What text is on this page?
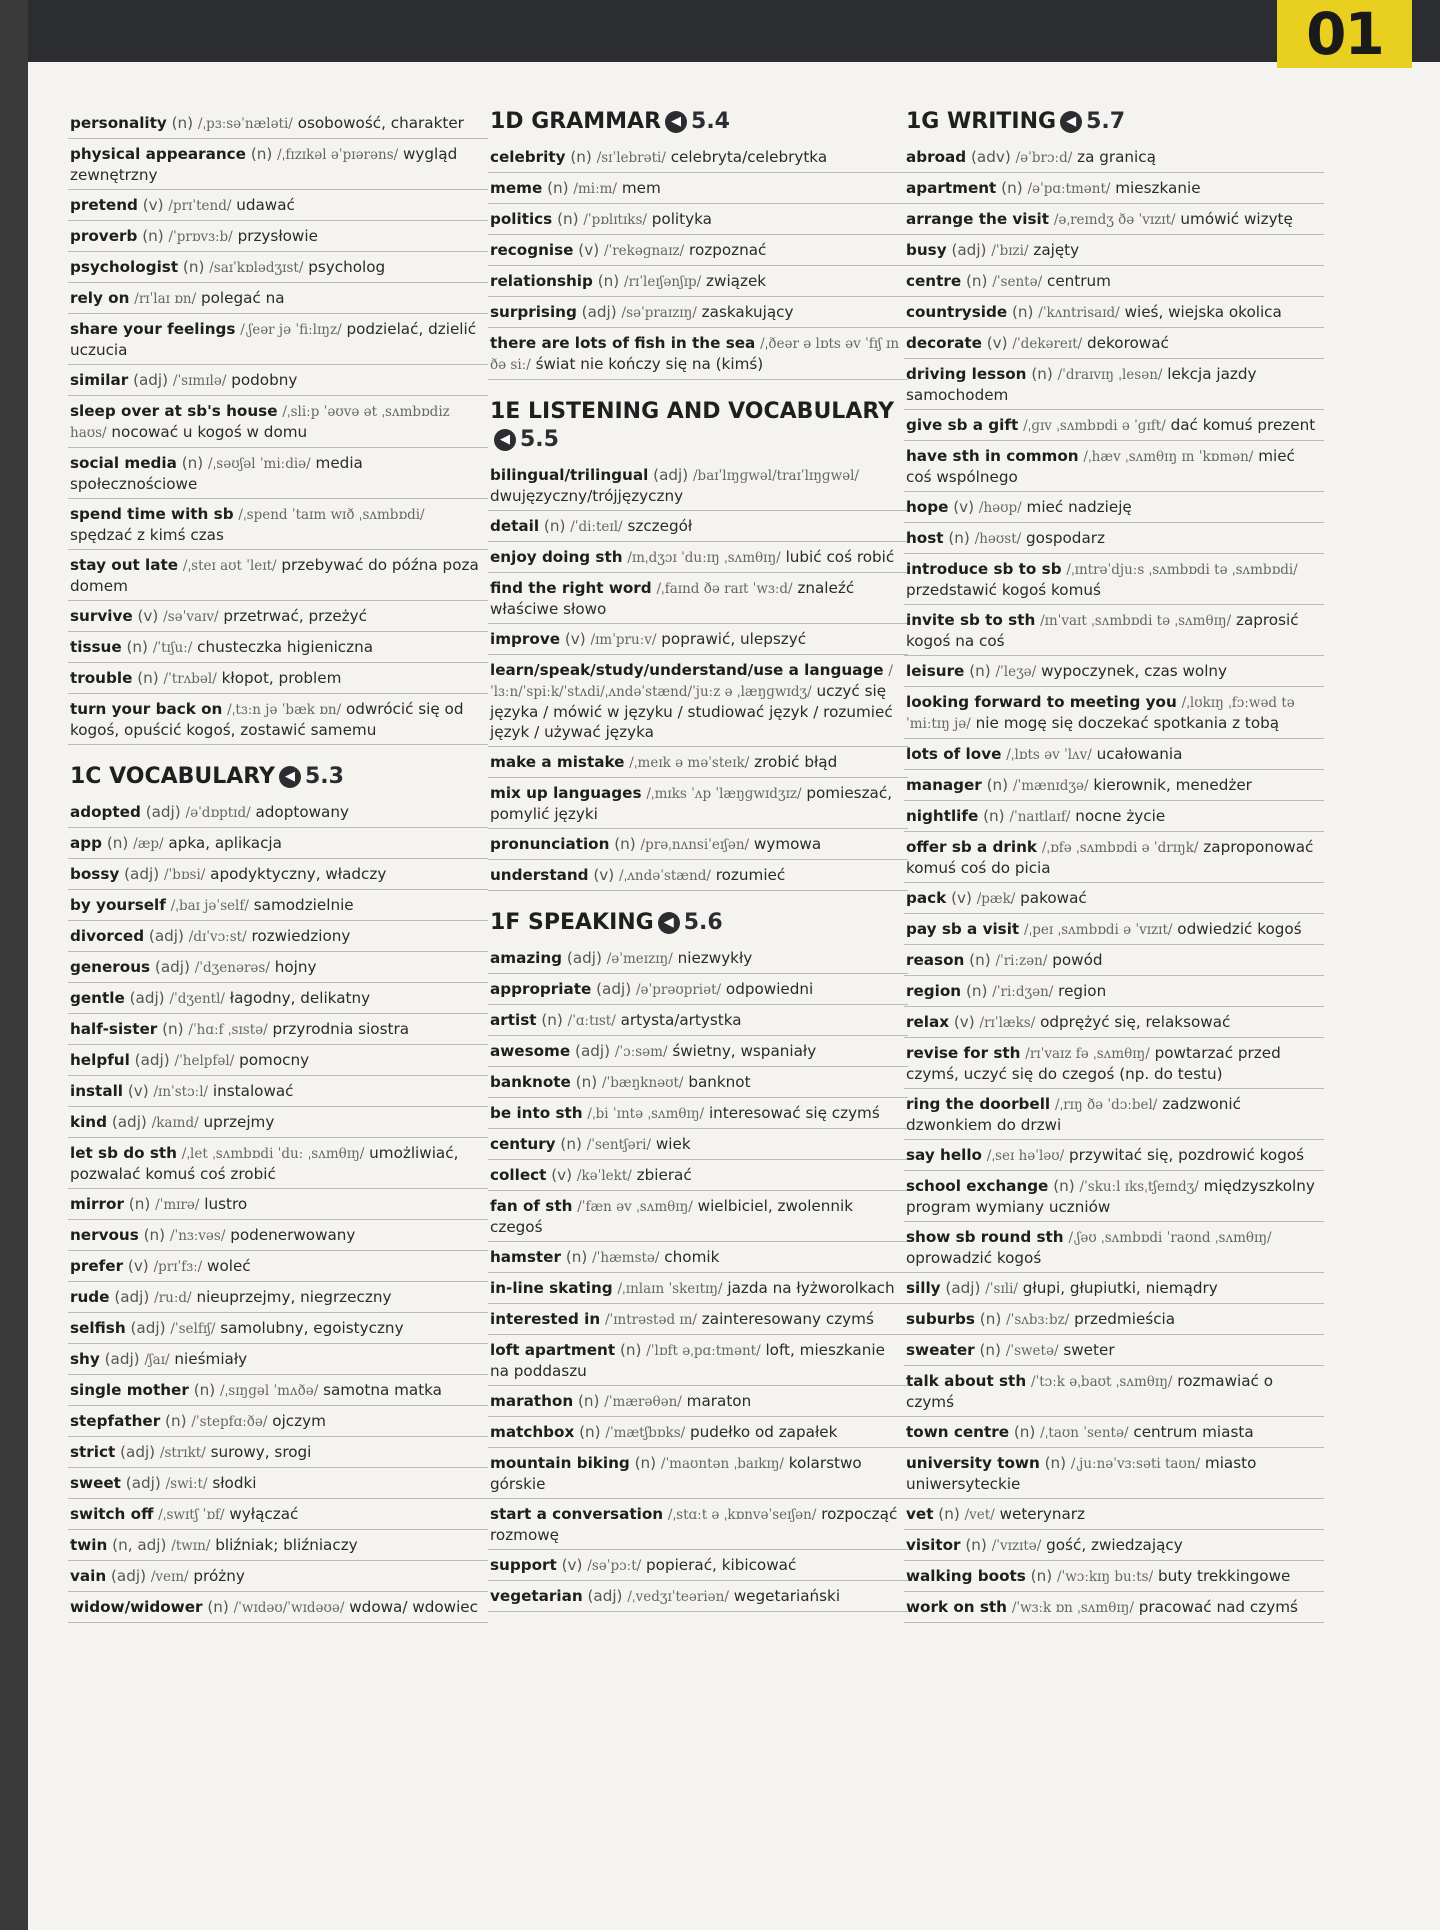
01
personality (n) /ˌpɜːsəˈnæləti/ osobowość, charakter
physical appearance (n) /ˌfɪzɪkəl əˈpɪərəns/ wygląd zewnętrzny
pretend (v) /prɪˈtend/ udawać
proverb (n) /ˈprɒvɜːb/ przysłowie
psychologist (n) /saɪˈkɒlədʒɪst/ psycholog
rely on /rɪˈlaɪ ɒn/ polegać na
share your feelings /ˌʃeər jə ˈfiːlɪŋz/ podzielać, dzielić uczucia
similar (adj) /ˈsɪmɪlə/ podobny
sleep over at sb's house /ˌsliːp ˈəʊvə ət ˌsʌmbɒdiz haʊs/ nocować u kogoś w domu
social media (n) /ˌsəʊʃəl ˈmiːdiə/ media społecznościowe
spend time with sb /ˌspend ˈtaɪm wɪð ˌsʌmbɒdi/ spędzać z kimś czas
stay out late /ˌsteɪ aʊt ˈleɪt/ przebywać do późna poza domem
survive (v) /səˈvaɪv/ przetrwać, przeżyć
tissue (n) /ˈtɪʃuː/ chusteczka higieniczna
trouble (n) /ˈtrʌbəl/ kłopot, problem
turn your back on /ˌtɜːn jə ˈbæk ɒn/ odwrócić się od kogoś, opuścić kogoś, zostawić samemu
1C VOCABULARY ◀ 5.3
adopted (adj) /əˈdɒptɪd/ adoptowany
app (n) /æp/ apka, aplikacja
bossy (adj) /ˈbɒsi/ apodyktyczny, władczy
by yourself /ˌbaɪ jəˈself/ samodzielnie
divorced (adj) /dɪˈvɔːst/ rozwiedziony
generous (adj) /ˈdʒenərəs/ hojny
gentle (adj) /ˈdʒentl/ łagodny, delikatny
half-sister (n) /ˈhɑːf ˌsɪstə/ przyrodnia siostra
helpful (adj) /ˈhelpfəl/ pomocny
install (v) /ɪnˈstɔːl/ instalować
kind (adj) /kaɪnd/ uprzejmy
let sb do sth /ˌlet ˌsʌmbɒdi ˈduː ˌsʌmθɪŋ/ umożliwiać, pozwalać komuś coś zrobić
mirror (n) /ˈmɪrə/ lustro
nervous (n) /ˈnɜːvəs/ podenerwowany
prefer (v) /prɪˈfɜː/ woleć
rude (adj) /ruːd/ nieuprzejmy, niegrzeczny
selfish (adj) /ˈselfɪʃ/ samolubny, egoistyczny
shy (adj) /ʃaɪ/ nieśmiały
single mother (n) /ˌsɪŋɡəl ˈmʌðə/ samotna matka
stepfather (n) /ˈstepfɑːðə/ ojczym
strict (adj) /strɪkt/ surowy, srogi
sweet (adj) /swiːt/ słodki
switch off /ˌswɪtʃ ˈɒf/ wyłączać
twin (n, adj) /twɪn/ bliźniak; bliźniaczy
vain (adj) /veɪn/ próżny
widow/widower (n) /ˈwɪdəʊ/ˈwɪdəʊə/ wdowa/ wdowiec
1D GRAMMAR ◀ 5.4
celebrity (n) /sɪˈlebrəti/ celebryta/celebrytka
meme (n) /miːm/ mem
politics (n) /ˈpɒlɪtɪks/ polityka
recognise (v) /ˈrekəɡnaɪz/ rozpoznać
relationship (n) /rɪˈleɪʃənʃɪp/ związek
surprising (adj) /səˈpraɪzɪŋ/ zaskakujący
there are lots of fish in the sea /ˌðeər ə lɒts əv ˈfɪʃ ɪn ðə siː/ świat nie kończy się na (kimś)
1E LISTENING AND VOCABULARY◀ 5.5
bilingual/trilingual (adj) /baɪˈlɪŋɡwəl/traɪˈlɪŋɡwəl/ dwujęzyczny/trójjęzyczny
detail (n) /ˈdiːteɪl/ szczegół
enjoy doing sth /ɪnˌdʒɔɪ ˈduːɪŋ ˌsʌmθɪŋ/ lubić coś robić
find the right word /ˌfaɪnd ðə raɪt ˈwɜːd/ znaleźć właściwe słowo
improve (v) /ɪmˈpruːv/ poprawić, ulepszyć
learn/speak/study/understand/use a language /ˈlɜːn/ˈspiːk/ˈstʌdi/ˌʌndəˈstænd/ˈjuːz ə ˌlæŋɡwɪdʒ/ uczyć się języka / mówić w języku / studiować język / rozumieć język / używać języka
make a mistake /ˌmeɪk ə məˈsteɪk/ zrobić błąd
mix up languages /ˌmɪks ˈʌp ˈlæŋɡwɪdʒɪz/ pomieszać, pomylić języki
pronunciation (n) /prəˌnʌnsiˈeɪʃən/ wymowa
understand (v) /ˌʌndəˈstænd/ rozumieć
1F SPEAKING ◀ 5.6
amazing (adj) /əˈmeɪzɪŋ/ niezwykły
appropriate (adj) /əˈprəʊpriət/ odpowiedni
artist (n) /ˈɑːtɪst/ artysta/artystka
awesome (adj) /ˈɔːsəm/ świetny, wspaniały
banknote (n) /ˈbæŋknəʊt/ banknot
be into sth /ˌbi ˈɪntə ˌsʌmθɪŋ/ interesować się czymś
century (n) /ˈsentʃəri/ wiek
collect (v) /kəˈlekt/ zbierać
fan of sth /ˈfæn əv ˌsʌmθɪŋ/ wielbiciel, zwolennik czegoś
hamster (n) /ˈhæmstə/ chomik
in-line skating /ˌɪnlaɪn ˈskeɪtɪŋ/ jazda na łyżworolkach
interested in /ˈɪntrəstəd ɪn/ zainteresowany czymś
loft apartment (n) /ˈlɒft əˌpɑːtmənt/ loft, mieszkanie na poddaszu
marathon (n) /ˈmærəθən/ maraton
matchbox (n) /ˈmætʃbɒks/ pudełko od zapałek
mountain biking (n) /ˈmaʊntən ˌbaɪkɪŋ/ kolarstwo górskie
start a conversation /ˌstɑːt ə ˌkɒnvəˈseɪʃən/ rozpocząć rozmowę
support (v) /səˈpɔːt/ popierać, kibicować
vegetarian (adj) /ˌvedʒɪˈteəriən/ wegetariański
1G WRITING ◀ 5.7
abroad (adv) /əˈbrɔːd/ za granicą
apartment (n) /əˈpɑːtmənt/ mieszkanie
arrange the visit /əˌreɪndʒ ðə ˈvɪzɪt/ umówić wizytę
busy (adj) /ˈbɪzi/ zajęty
centre (n) /ˈsentə/ centrum
countryside (n) /ˈkʌntrisaɪd/ wieś, wiejska okolica
decorate (v) /ˈdekəreɪt/ dekorować
driving lesson (n) /ˈdraɪvɪŋ ˌlesən/ lekcja jazdy samochodem
give sb a gift /ˌɡɪv ˌsʌmbɒdi ə ˈɡɪft/ dać komuś prezent
have sth in common /ˌhæv ˌsʌmθɪŋ ɪn ˈkɒmən/ mieć coś wspólnego
hope (v) /həʊp/ mieć nadzieję
host (n) /həʊst/ gospodarz
introduce sb to sb /ˌɪntrəˈdjuːs ˌsʌmbɒdi tə ˌsʌmbɒdi/ przedstawić kogoś komuś
invite sb to sth /ɪnˈvaɪt ˌsʌmbɒdi tə ˌsʌmθɪŋ/ zaprosić kogoś na coś
leisure (n) /ˈleʒə/ wypoczynek, czas wolny
looking forward to meeting you /ˌlʊkɪŋ ˌfɔːwəd tə ˈmiːtɪŋ jə/ nie mogę się doczekać spotkania z tobą
lots of love /ˌlɒts əv ˈlʌv/ ucałowania
manager (n) /ˈmænɪdʒə/ kierownik, menedżer
nightlife (n) /ˈnaɪtlaɪf/ nocne życie
offer sb a drink /ˌɒfə ˌsʌmbɒdi ə ˈdrɪŋk/ zaproponować komuś coś do picia
pack (v) /pæk/ pakować
pay sb a visit /ˌpeɪ ˌsʌmbɒdi ə ˈvɪzɪt/ odwiedzić kogoś
reason (n) /ˈriːzən/ powód
region (n) /ˈriːdʒən/ region
relax (v) /rɪˈlæks/ odprężyć się, relaksować
revise for sth /rɪˈvaɪz fə ˌsʌmθɪŋ/ powtarzać przed czymś, uczyć się do czegoś (np. do testu)
ring the doorbell /ˌrɪŋ ðə ˈdɔːbel/ zadzwonić dzwonkiem do drzwi
say hello /ˌseɪ həˈləʊ/ przywitać się, pozdrowić kogoś
school exchange (n) /ˈskuːl ɪksˌtʃeɪndʒ/ międzyszkolny program wymiany uczniów
show sb round sth /ˌʃəʊ ˌsʌmbɒdi ˈraʊnd ˌsʌmθɪŋ/ oprowadzić kogoś
silly (adj) /ˈsɪli/ głupi, głupiutki, niemądry
suburbs (n) /ˈsʌbɜːbz/ przedmieścia
sweater (n) /ˈswetə/ sweter
talk about sth /ˈtɔːk əˌbaʊt ˌsʌmθɪŋ/ rozmawiać o czymś
town centre (n) /ˌtaʊn ˈsentə/ centrum miasta
university town (n) /ˌjuːnəˈvɜːsəti taʊn/ miasto uniwersyteckie
vet (n) /vet/ weterynarz
visitor (n) /ˈvɪzɪtə/ gość, zwiedzający
walking boots (n) /ˈwɔːkɪŋ buːts/ buty trekkingowe
work on sth /ˈwɜːk ɒn ˌsʌmθɪŋ/ pracować nad czymś
